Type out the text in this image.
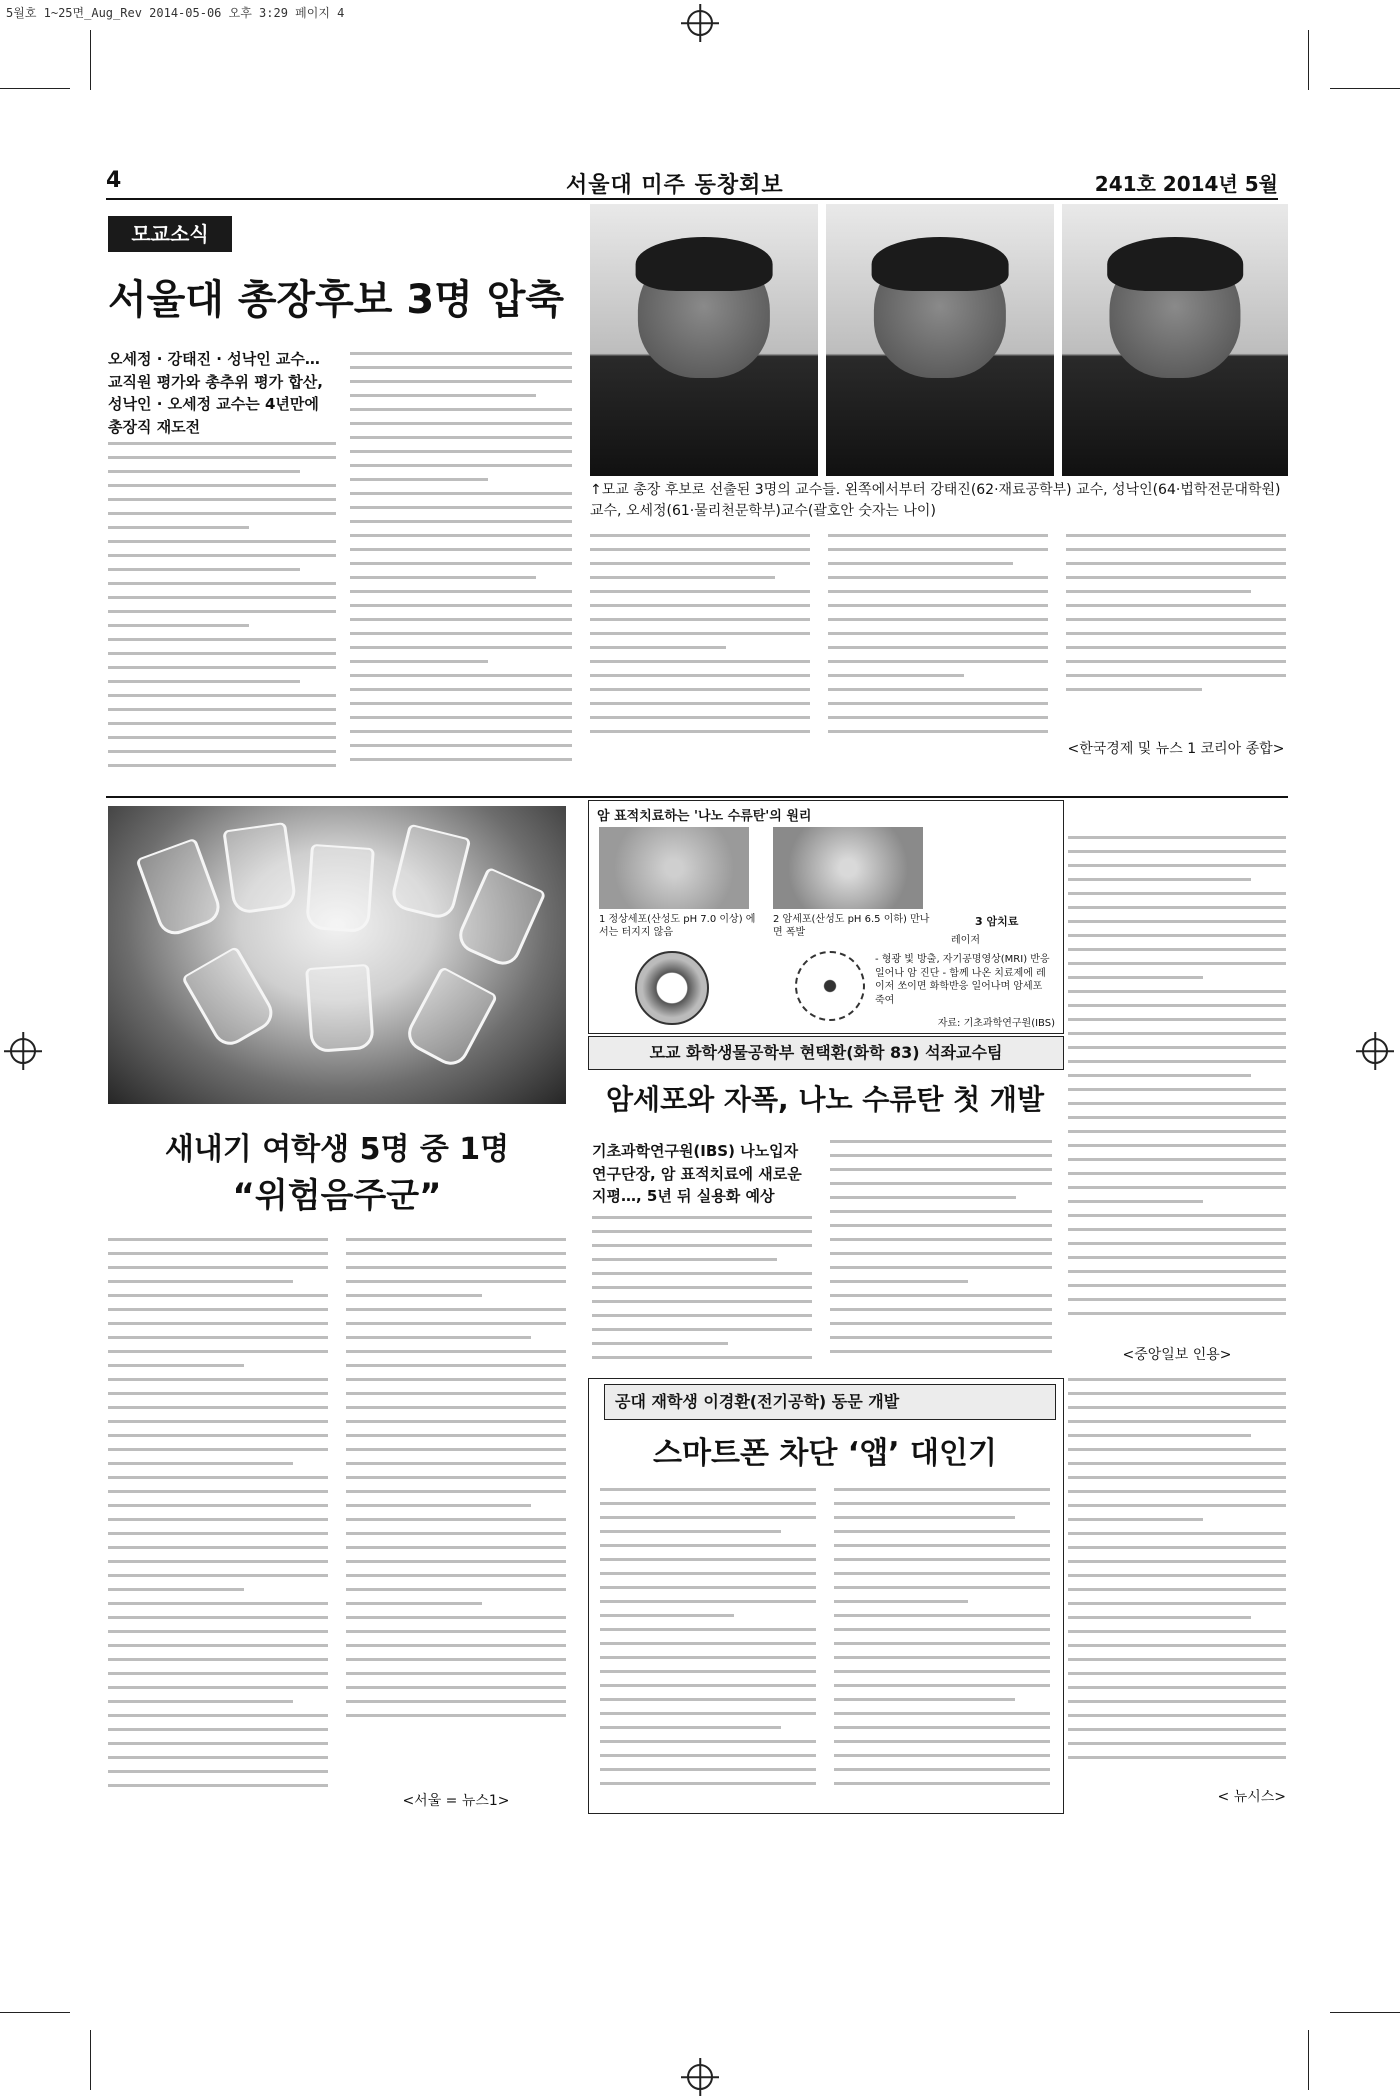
5월호 1~25면_Aug_Rev 2014-05-06 오후 3:29 페이지 4
4	서울대 미주 동창회보	241호 2014년 5월
모교소식
서울대 총장후보 3명 압축
오세정 · 강태진 · 성낙인 교수… 교직원 평가와 총추위 평가 합산, 성낙인 · 오세정 교수는 4년만에 총장직 재도전
↑모교 총장 후보로 선출된 3명의 교수들. 왼쪽에서부터 강태진(62·재료공학부) 교수, 성낙인(64·법학전문대학원)교수, 오세정(61·물리천문학부)교수(괄호안 숫자는 나이)
<한국경제 및 뉴스 1 코리아 종합>
새내기 여학생 5명 중 1명
“위험음주군”
<서울 = 뉴스1>
암 표적치료하는 '나노 수류탄'의 원리
1 정상세포(산성도 pH 7.0 이상) 에서는 터지지 않음
2 암세포(산성도 pH 6.5 이하) 만나면 폭발
3 암치료
레이저
- 형광 빛 방출, 자기공명영상(MRI) 반응 일어나 암 진단 - 함께 나온 치료제에 레이저 쏘이면 화학반응 일어나며 암세포 죽여
자료: 기초과학연구원(IBS)
모교 화학생물공학부 현택환(화학 83) 석좌교수팀
암세포와 자폭, 나노 수류탄 첫 개발
기초과학연구원(IBS) 나노입자 연구단장, 암 표적치료에 새로운 지평…, 5년 뒤 실용화 예상
<중앙일보 인용>
공대 재학생 이경환(전기공학) 동문 개발
스마트폰 차단 ‘앱’ 대인기
< 뉴시스>
